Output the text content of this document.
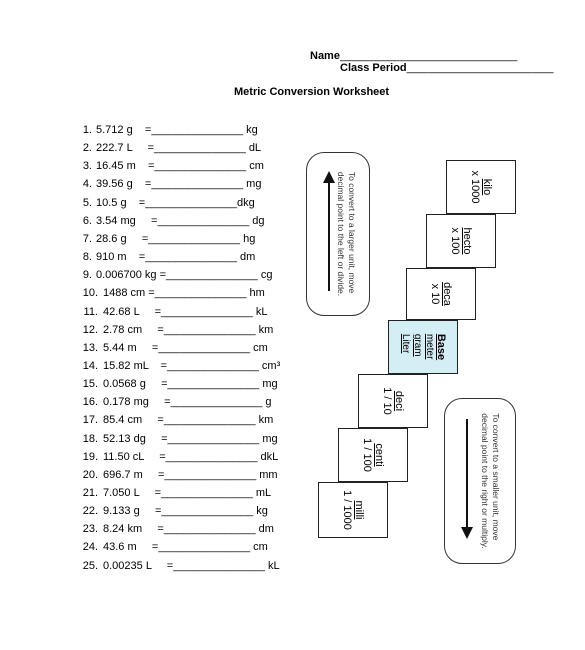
Name_____________________________
Class Period________________________
Metric Conversion Worksheet
1. 5.712 g    =_______________ kg
2. 222.7 L     =_______________ dL
3. 16.45 m    =_______________ cm
4. 39.56 g    =_______________ mg
5. 10.5 g    =_______________dkg
6. 3.54 mg     =_______________ dg
7. 28.6 g     =_______________ hg
8. 910 m    =_______________ dm
9. 0.006700 kg =_______________ cg
10. 1488 cm =_______________ hm
11. 42.68 L     =_______________ kL
12. 2.78 cm     =_______________ km
13. 5.44 m     =_______________ cm
14. 15.82 mL    =_______________ cm³
15. 0.0568 g     =_______________ mg
16. 0.178 mg     =_______________ g
17. 85.4 cm     =_______________ km
18. 52.13 dg     =_______________ mg
19. 11.50 cL     =_______________ dkL
20. 696.7 m     =_______________ mm
21. 7.050 L     =_______________ mL
22. 9.133 g     =_______________ kg
23. 8.24 km     =_______________ dm
24. 43.6 m     =_______________ cm
25. 0.00235 L     =_______________ kL
kilo
x 1000
hecto
x 100
deca
x 10
Base
meter
gram
Liter
deci
1 / 10
centi
1 / 100
milli
1 / 1000
To convert to a larger unit, move
decimal point to the left or divide.
To convert to a smaller unit, move
decimal point to the right or multiply.
